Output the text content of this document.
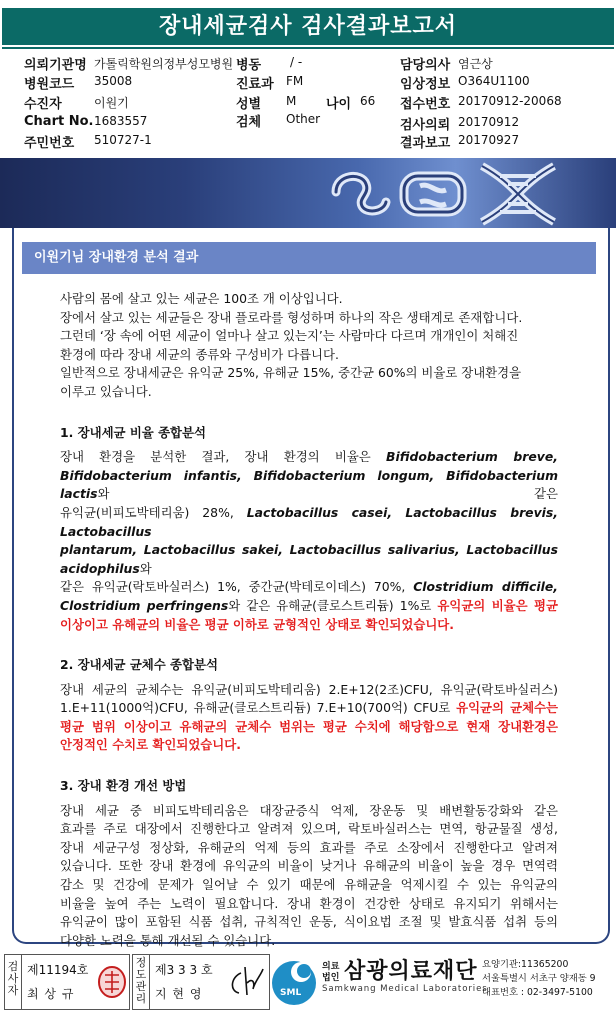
장내세균검사 검사결과보고서
의뢰기관명 가톨릭학원의정부성모병원 병동 / -	담당의사 염근상
병원코드 35008	진료과 FM	임상정보 O364U1100
수진자	이원기	성별 M 나이 66 접수번호 20170912-20068
Chart No. 1683557	검체 Other	검사의뢰 20170912
주민번호 510727-1	결과보고 20170927
이원기님 장내환경 분석 결과

사람의 몸에 살고 있는 세균은 100조 개 이상입니다.

장에서 살고 있는 세균들은 장내 플로라를 형성하며 하나의 작은 생태계로 존재합니다.

그런데 ‘장 속에 어떤 세균이 얼마나 살고 있는지’는 사람마다 다르며 개개인이 처해진

환경에 따라 장내 세균의 종류와 구성비가 다릅니다.

일반적으로 장내세균은 유익균 25%, 유해균 15%, 중간균 60%의 비율로 장내환경을

이루고 있습니다.

1. 장내세균 비율 종합분석

장내 환경을 분석한 결과, 장내 환경의 비율은 Bifidobacterium breve,

Bifidobacterium infantis, Bifidobacterium longum, Bifidobacterium lactis와 같은

유익균(비피도박테리움) 28%, Lactobacillus casei, Lactobacillus brevis, Lactobacillus

plantarum, Lactobacillus sakei, Lactobacillus salivarius, Lactobacillus acidophilus와

같은 유익균(락토바실러스) 1%, 중간균(박테로이데스) 70%, Clostridium difficile,

Clostridium perfringens와 같은 유해균(클로스트리듐) 1%로 유익균의 비율은 평균

이상이고 유해균의 비율은 평균 이하로 균형적인 상태로 확인되었습니다.

2. 장내세균 균체수 종합분석

장내 세균의 균체수는 유익균(비피도박테리움) 2.E+12(2조)CFU, 유익균(락토바실러스)

1.E+11(1000억)CFU, 유해균(클로스트리듐) 7.E+10(700억) CFU로 유익균의 균체수는

평균 범위 이상이고 유해균의 균체수 범위는 평균 수치에 해당함으로 현재 장내환경은

안정적인 수치로 확인되었습니다.

3. 장내 환경 개선 방법

장내 세균 중 비피도박테리움은 대장균증식 억제, 장운동 및 배변활동강화와 같은

효과를 주로 대장에서 진행한다고 알려져 있으며, 락토바실러스는 면역, 항균물질 생성,

장내 세균구성 정상화, 유해균의 억제 등의 효과를 주로 소장에서 진행한다고 알려져

있습니다. 또한 장내 환경에 유익균의 비율이 낮거나 유해균의 비율이 높을 경우 면역력

감소 및 건강에 문제가 일어날 수 있기 때문에 유해균을 억제시킬 수 있는 유익균의

비율을 높여 주는 노력이 필요합니다. 장내 환경이 건강한 상태로 유지되기 위해서는

유익균이 많이 포함된 식품 섭취, 규칙적인 운동, 식이요법 조절 및 발효식품 섭취 등의

다양한 노력을 통해 개선될 수 있습니다.

검사자
제11194호
최 상 규
정도관리
제3 3 3 호
지 현 영	SML
의료
법인 삼광의료재단
Samkwang Medical Laboratories
요양기관:11365200
서울특별시 서초구 양재동 9
대표번호 : 02-3497-5100
